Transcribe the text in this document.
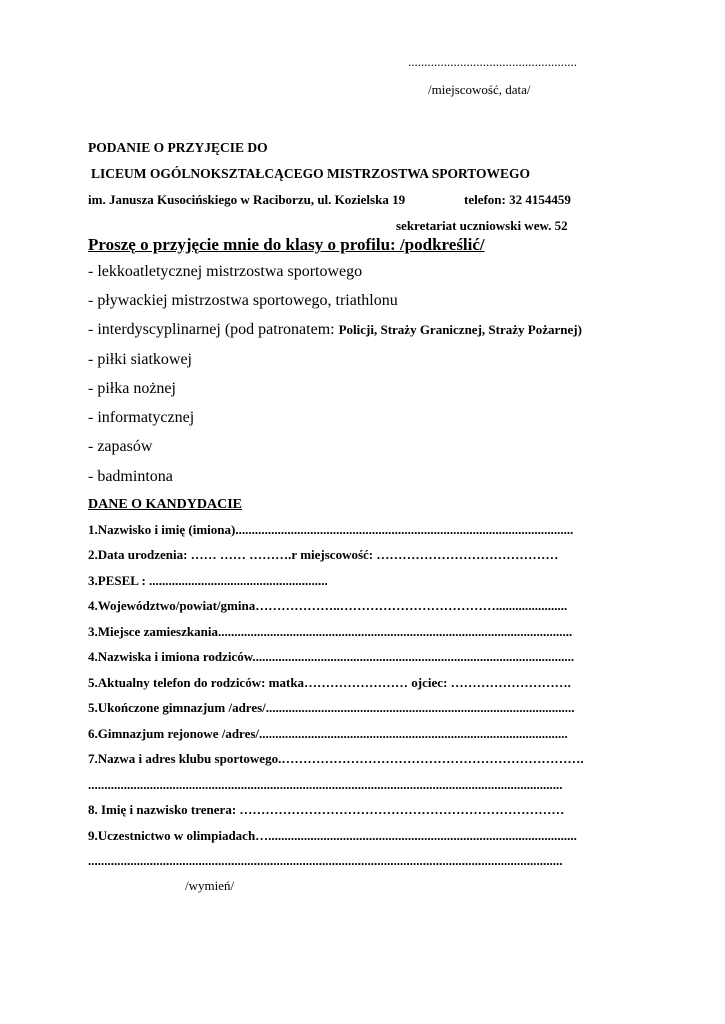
....................................................
/miejscowość, data/
PODANIE O PRZYJĘCIE DO
LICEUM OGÓLNOKSZTAŁCĄCEGO MISTRZOSTWA SPORTOWEGO
im. Janusza Kusocińskiego w Raciborzu, ul. Kozielska 19	telefon: 32 4154459
sekretariat uczniowski wew. 52
Proszę o przyjęcie mnie do klasy o profilu: /podkreślić/
- lekkoatletycznej mistrzostwa sportowego
- pływackiej mistrzostwa sportowego, triathlonu
- interdyscyplinarnej (pod patronatem: Policji, Straży Granicznej, Straży Pożarnej)
- piłki siatkowej
- piłka nożnej
- informatycznej
- zapasów
- badmintona
DANE O KANDYDACIE
1.Nazwisko i imię (imiona)........................................................................................................
2.Data urodzenia: …… …… ……….r miejscowość: ……………………………………
3.PESEL : .......................................................
4.Województwo/powiat/gmina………………..………………………………......................
3.Miejsce zamieszkania.............................................................................................................
4.Nazwiska i imiona rodziców...................................................................................................
5.Aktualny telefon do rodziców: matka…………………… ojciec: ……………………….
5.Ukończone gimnazjum /adres/...............................................................................................
6.Gimnazjum rejonowe /adres/...............................................................................................
7.Nazwa i adres klubu sportowego.…………………………………………………………….
..................................................................................................................................................
8. Imię i nazwisko trenera: …………………………………………………………………
9.Uczestnictwo w olimpiadach…...............................................................................................
..................................................................................................................................................
/wymień/
